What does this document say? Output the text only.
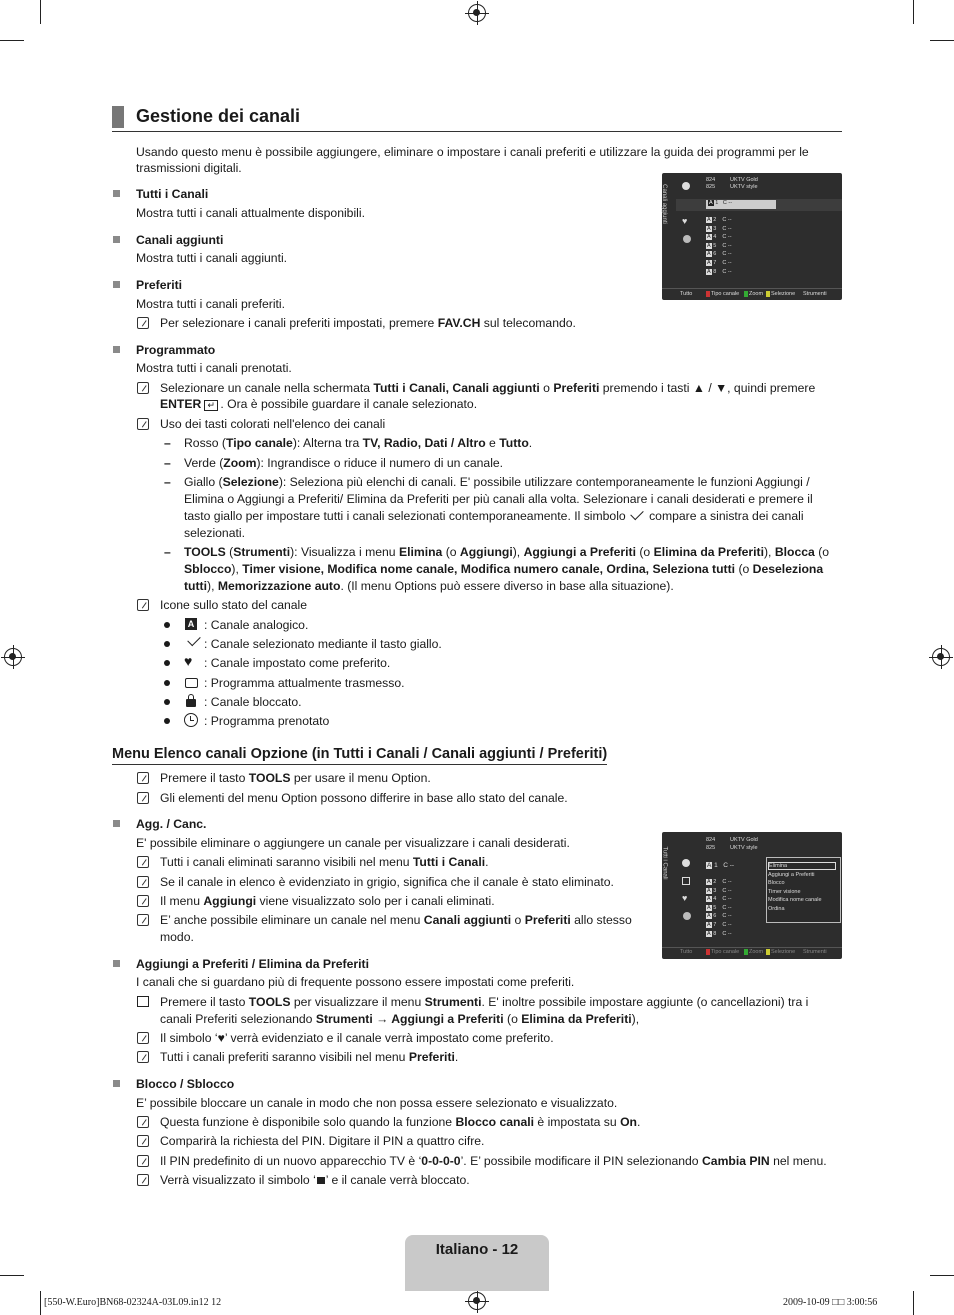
Gestione dei canali
Usando questo menu è possibile aggiungere, eliminare o impostare i canali preferiti e utilizzare la guida dei programmi per le
trasmissioni digitali.
Tutti i Canali
Mostra tutti i canali attualmente disponibili.
Canali aggiunti
Mostra tutti i canali aggiunti.
Preferiti
Mostra tutti i canali preferiti.
Per selezionare i canali preferiti impostati, premere FAV.CH sul telecomando.
Programmato
Mostra tutti i canali prenotati.
Selezionare un canale nella schermata Tutti i Canali, Canali aggiunti o Preferiti premendo i tasti ▲ / ▼, quindi premere
ENTER ↵ . Ora è possibile guardare il canale selezionato.
Uso dei tasti colorati nell'elenco dei canali
– Rosso (Tipo canale): Alterna tra TV, Radio, Dati / Altro e Tutto.
– Verde (Zoom): Ingrandisce o riduce il numero di un canale.
– Giallo (Selezione): Seleziona più elenchi di canali. E' possibile utilizzare contemporaneamente le funzioni Aggiungi /
Elimina o Aggiungi a Preferiti/ Elimina da Preferiti per più canali alla volta. Selezionare i canali desiderati e premere il
tasto giallo per impostare tutti i canali selezionati contemporaneamente. Il simbolo compare a sinistra dei canali
selezionati.
– TOOLS (Strumenti): Visualizza i menu Elimina (o Aggiungi), Aggiungi a Preferiti (o Elimina da Preferiti), Blocca (o
Sblocco), Timer visione, Modifica nome canale, Modifica numero canale, Ordina, Seleziona tutti (o Deseleziona
tutti), Memorizzazione auto. (Il menu Options può essere diverso in base alla situazione).
Icone sullo stato del canale
A : Canale analogico.
: Canale selezionato mediante il tasto giallo.
♥ : Canale impostato come preferito.
: Programma attualmente trasmesso.
: Canale bloccato.
: Programma prenotato
Canali aggiunti ♥
824	UKTV Gold
825	UKTV style
A 1 C --
A 2 C --
A 3 C --
A 4 C --
A 5 C --
A 6 C --
A 7 C --
A 8 C --
Tutto	Tipo canale	Zoom	Selezione Strumenti
Menu Elenco canali Opzione (in Tutti i Canali / Canali aggiunti / Preferiti)
Premere il tasto TOOLS per usare il menu Option.
Gli elementi del menu Option possono differire in base allo stato del canale.
Agg. / Canc.
E' possibile eliminare o aggiungere un canale per visualizzare i canali desiderati.
Tutti i canali eliminati saranno visibili nel menu Tutti i Canali.
Se il canale in elenco è evidenziato in grigio, significa che il canale è stato eliminato.
Il menu Aggiungi viene visualizzato solo per i canali eliminati.
E’ anche possibile eliminare un canale nel menu Canali aggiunti o Preferiti allo stesso
modo.
Tutti i Canali
♥
824	UKTV Gold
825	UKTV style
A 1 C --
A 2 C --
A 3 C --
A 4 C --
A 5 C --
A 6 C --
A 7 C --
A 8 C --
Elimina
Aggiungi a Preferiti
Blocco
Timer visione
Modifica nome canale
Ordina
Tutto	Tipo canale	Zoom	Selezione Strumenti
Aggiungi a Preferiti / Elimina da Preferiti
I canali che si guardano più di frequente possono essere impostati come preferiti.
Premere il tasto TOOLS per visualizzare il menu Strumenti. E' inoltre possibile impostare aggiunte (o cancellazioni) tra i
canali Preferiti selezionando Strumenti → Aggiungi a Preferiti (o Elimina da Preferiti),
Il simbolo ‘♥’ verrà evidenziato e il canale verrà impostato come preferito.
Tutti i canali preferiti saranno visibili nel menu Preferiti.
Blocco / Sblocco
E’ possibile bloccare un canale in modo che non possa essere selezionato e visualizzato.
Questa funzione è disponibile solo quando la funzione Blocco canali è impostata su On.
Comparirà la richiesta del PIN. Digitare il PIN a quattro cifre.
Il PIN predefinito di un nuovo apparecchio TV è ‘0-0-0-0’. E’ possibile modificare il PIN selezionando Cambia PIN nel menu.
Verrà visualizzato il simbolo ‘ ’ e il canale verrà bloccato.
Italiano - 12
[550-W.Euro]BN68-02324A-03L09.in12 12	2009-10-09 □□ 3:00:56
